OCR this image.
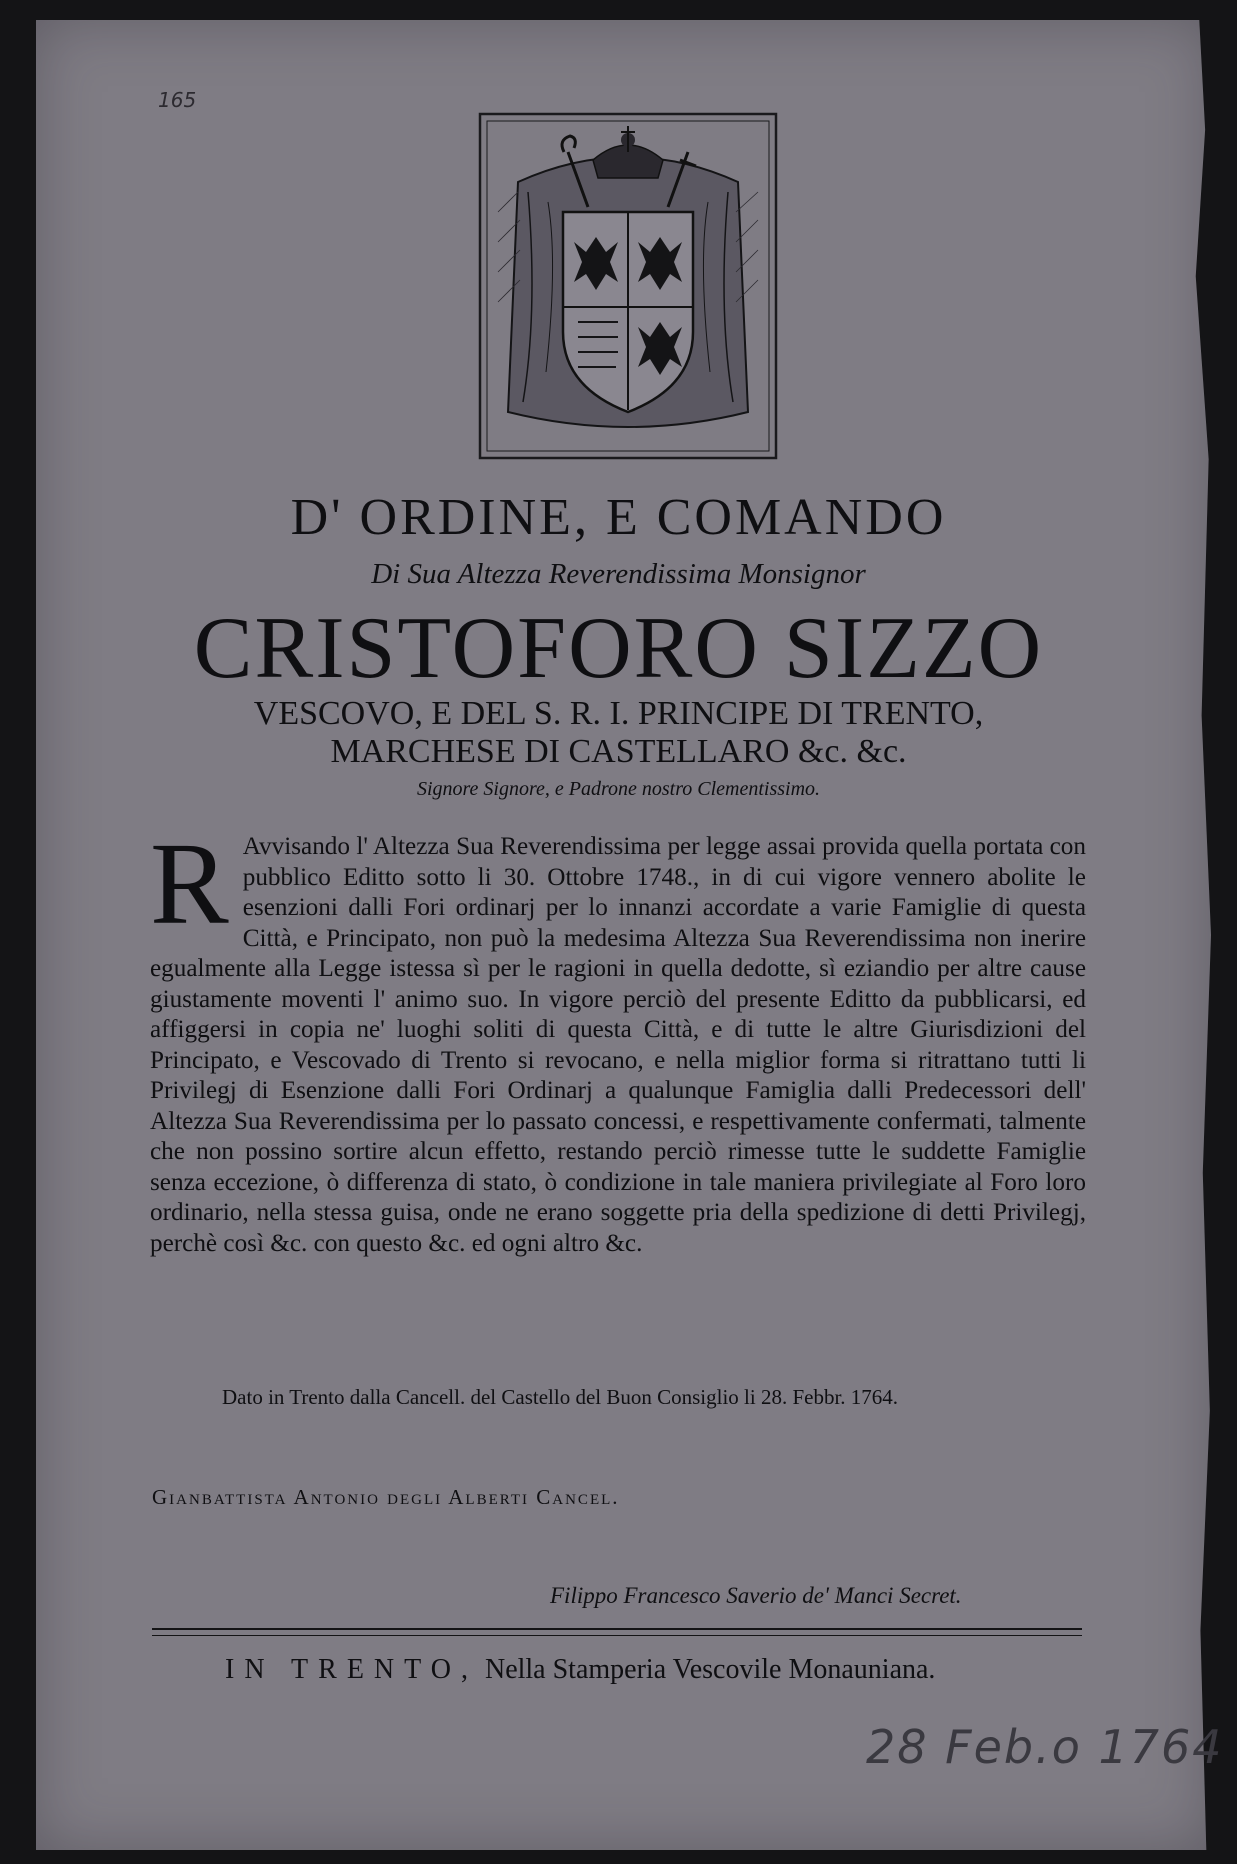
165
D' ORDINE, E COMANDO
Di Sua Altezza Reverendissima Monsignor
CRISTOFORO SIZZO
VESCOVO, E DEL S. R. I. PRINCIPE DI TRENTO,
MARCHESE DI CASTELLARO &c. &c.
Signore Signore, e Padrone nostro Clementissimo.
R Avvisando l' Altezza Sua Reverendissima per legge assai provida quella portata con pubblico Editto sotto li 30. Ottobre 1748., in di cui vigore vennero abolite le esenzioni dalli Fori ordinarj per lo innanzi accordate a varie Famiglie di questa Città, e Principato, non può la medesima Altezza Sua Reverendissima non inerire egualmente alla Legge istessa sì per le ragioni in quella dedotte, sì eziandio per altre cause giustamente moventi l' animo suo. In vigore perciò del presente Editto da pubblicarsi, ed affiggersi in copia ne' luoghi soliti di questa Città, e di tutte le altre Giurisdizioni del Principato, e Vescovado di Trento si revocano, e nella miglior forma si ritrattano tutti li Privilegj di Esenzione dalli Fori Ordinarj a qualunque Famiglia dalli Predecessori dell' Altezza Sua Reverendissima per lo passato concessi, e respettivamente confermati, talmente che non possino sortire alcun effetto, restando perciò rimesse tutte le suddette Famiglie senza eccezione, ò differenza di stato, ò condizione in tale maniera privilegiate al Foro loro ordinario, nella stessa guisa, onde ne erano soggette pria della spedizione di detti Privilegj, perchè così &c. con questo &c. ed ogni altro &c.
Dato in Trento dalla Cancell. del Castello del Buon Consiglio li 28. Febbr. 1764.
Gianbattista Antonio degli Alberti Cancel.
Filippo Francesco Saverio de' Manci Secret.
IN TRENTO, Nella Stamperia Vescovile Monauniana.
28 Feb.o 1764
